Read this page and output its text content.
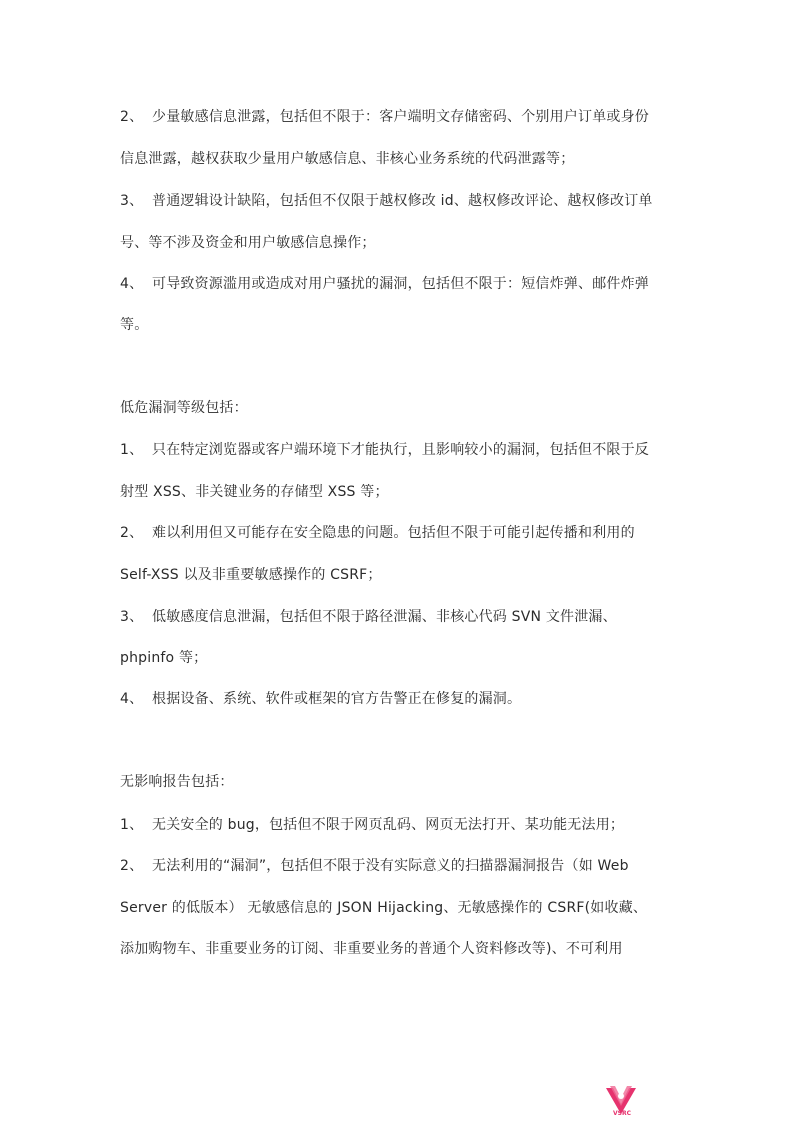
2、 少量敏感信息泄露，包括但不限于：客户端明文存储密码、个别用户订单或身份
信息泄露，越权获取少量用户敏感信息、非核心业务系统的代码泄露等；
3、 普通逻辑设计缺陷，包括但不仅限于越权修改 id、越权修改评论、越权修改订单
号、等不涉及资金和用户敏感信息操作；
4、 可导致资源滥用或造成对用户骚扰的漏洞，包括但不限于：短信炸弹、邮件炸弹
等。
低危漏洞等级包括：
1、 只在特定浏览器或客户端环境下才能执行，且影响较小的漏洞，包括但不限于反
射型 XSS、非关键业务的存储型 XSS 等；
2、 难以利用但又可能存在安全隐患的问题。包括但不限于可能引起传播和利用的
Self-XSS 以及非重要敏感操作的 CSRF；
3、 低敏感度信息泄漏，包括但不限于路径泄漏、非核心代码 SVN 文件泄漏、
phpinfo 等；
4、 根据设备、系统、软件或框架的官方告警正在修复的漏洞。
无影响报告包括：
1、 无关安全的 bug，包括但不限于网页乱码、网页无法打开、某功能无法用；
2、 无法利用的“漏洞”，包括但不限于没有实际意义的扫描器漏洞报告（如 Web
Server 的低版本） 无敏感信息的 JSON Hijacking、无敏感操作的 CSRF(如收藏、
添加购物车、非重要业务的订阅、非重要业务的普通个人资料修改等)、不可利用
VSRC
